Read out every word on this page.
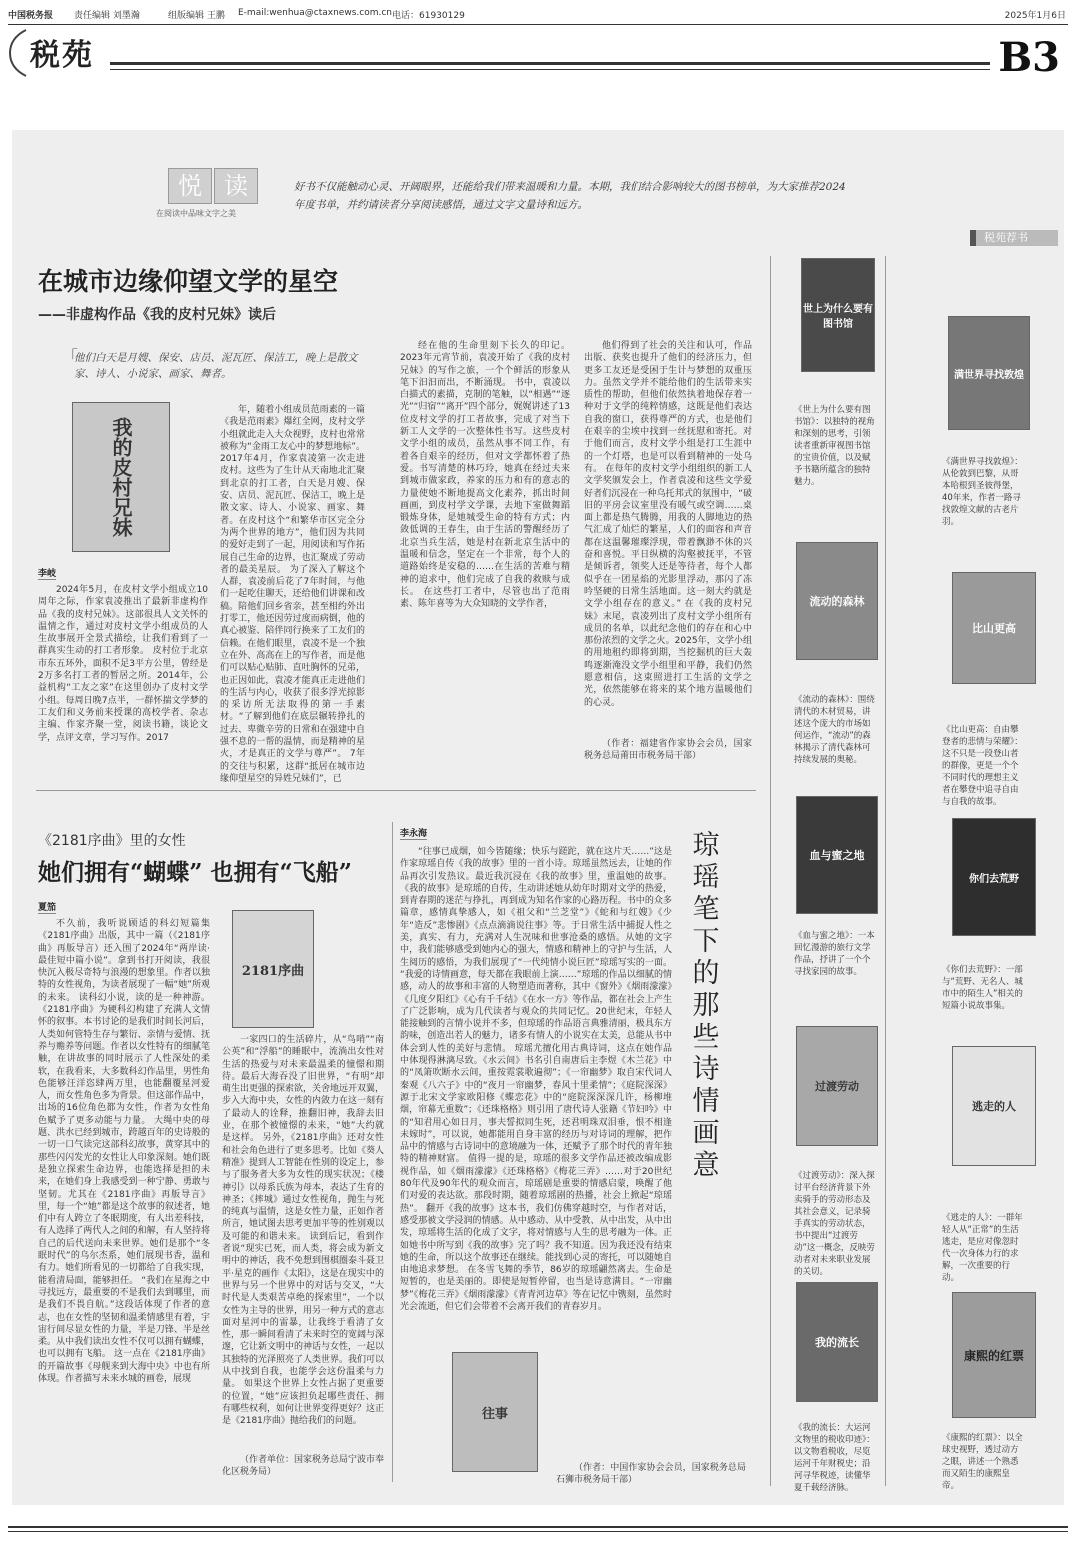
中国税务报 责任编辑 刘墨瀚	组版编辑 王鹏 E-mail:wenhua@ctaxnews.com.cn 电话：61930129	2025年1月6日
税苑	B3
悦 读
在阅读中品味文字之美
好书不仅能触动心灵、开阔眼界，还能给我们带来温暖和力量。本期，我们结合影响较大的图书榜单，为大家推荐2024年度书单，并约请读者分享阅读感悟，通过文字文量诗和远方。
税苑荐书
在城市边缘仰望文学的星空
——非虚构作品《我的皮村兄妹》读后
「
他们白天是月嫂、保安、店员、泥瓦匠、保洁工，晚上是散文家、诗人、小说家、画家、舞者。
我的皮村兄妹
李岐

2024年5月，在皮村文学小组成立10周年之际，作家袁凌推出了最新非虚构作品《我的皮村兄妹》。这部很具人文关怀的温情之作，通过对皮村文学小组成员的人生故事展开全景式描绘，让我们看到了一群真实生动的打工者形象。 皮村位于北京市东五环外，面积不足3平方公里，曾经是2万多名打工者的暂居之所。2014年，公益机构“工友之家”在这里创办了皮村文学小组。每周日晚7点半，一群怀揣文学梦的工友们和义务前来授课的高校学者、杂志主编、作家齐聚一堂，阅读书籍，谈论文学，点评文章，学习写作。2017

年，随着小组成员范雨素的一篇《我是范雨素》爆红全网，皮村文学小组就此走入大众视野，皮村也常常被称为“金雨工友心中的梦想地标”。 2017年4月，作家袁凌第一次走进皮村。这些为了生计从天南地北汇聚到北京的打工者，白天是月嫂、保安、店员、泥瓦匠、保洁工，晚上是散文家、诗人、小说家、画家、舞者。在皮村这个“和繁华市区完全分为两个世界的地方”，他们因为共同的爱好走到了一起，用阅读和写作拓展自己生命的边界，也汇聚成了劳动者的最美星辰。 为了深入了解这个人群，袁凌前后花了7年时间，与他们一起吃住聊天，还给他们讲课和改稿。陪他们回乡省亲，甚至相约外出打零工，他还因劳过度而病倒，他的真心被鉴、陪伴同行换来了工友们的信赖。在他们眼里，袁凌不是一个独立在外、高高在上的写作者，而是他们可以贴心贴肺、直吐胸怀的兄弟，也正因如此，袁凌才能真正走进他们的生活与内心，收获了很多浮光掠影的采访所无法取得的第一手素材。“了解到他们在底层辗转挣扎的过去、卑微辛劳的日常和在强建中自强不息的一帮的温情，而是精神的星火，才是真正的文学与尊严”。 7年的交往与积累，这群“抵居在城市边缘仰望星空的异姓兄妹们”，已

经在他的生命里刻下长久的印记。2023年元宵节前，袁凌开始了《我的皮村兄妹》的写作之旅，一个个鲜活的形象从笔下汩汩而出，不断涌现。 书中，袁凌以白描式的素描，克制的笔触，以“相遇”“逐光”“归宿”“离开”四个部分，娓娓讲述了13位皮村文学的打工者故事，完成了对当下新工人文学的一次整体性书写。这些皮村文学小组的成员，虽然从事不同工作，有着各自艰辛的经历，但对文学都怀着了热爱。书写清楚的林巧玲，她真在经过夫来到城市做家政，养家的压力和有的意志的力量使她不断地提高文化素养，抓出时间画画，到皮村学文学课，去地下室做舞蹈锻炼身体，是她城受生命的特有方式；内敛低调的王春生，由于生活的警醒经历了北京当兵生活，她是村在新北京生活中的温暖和信念，坚定在一个非常，每个人的道路始终是安稳的……在生活的苦难与精神的追求中，他们完成了自我的救赎与成长。 在这些打工者中，尽管也出了范雨素、陈年喜等为大众知晓的文学作者，

他们得到了社会的关注和认可，作品出版、获奖也提升了他们的经济压力，但更多工友还是受困于生计与梦想的双重压力。虽然文学并不能给他们的生活带来实质性的帮助，但他们依然执着地保存着一种对于文学的纯粹情感，这既是他们表达自我的窗口，获得尊严的方式，也是他们在艰辛的尘埃中找到一丝抚慰和寄托。对于他们而言，皮村文学小组是打工生涯中的一个灯塔，也是可以看到精神的一处乌有。 在每年的皮村文学小组组织的新工人文学奖颁发会上，作者袁凌和这些文学爱好者们沉浸在一种乌托邦式的氛围中，“破旧的平房会议室里没有暖气或空调……桌面上都是热气腾腾，用我的人脚地边的热气汇成了灿烂的繁星，人们的面容和声音都在这温馨璀璨浮现，带着飘渺不休的兴奋和喜悦。平日纵横的沟壑被抚平，不管是倾诉者，领奖人还是等待者，每个人都似乎在一团星焰的光影里浮动，那闪了冻吟坚硬的日常生活地面。这一刻大约就是文学小组存在的意义。” 在《我的皮村兄妹》末尾，袁凌列出了皮村文学小组所有成员的名单，以此纪念他们的存在和心中那份浓烈的文学之火。2025年，文学小组的用地租约即将到期，当挖掘机的巨大轰鸣逐渐淹没文学小组里和平静，我们仍然愿意相信，这束照进打工生活的文学之光，依然能够在将来的某个地方温暖他们的心灵。

（作者：福建省作家协会会员，国家税务总局莆田市税务局干部）

《2181序曲》里的女性
她们拥有“蝴蝶” 也拥有“飞船”
夏笳

不久前，我听说顾适的科幻短篇集《2181序曲》出版，其中一篇（《2181序曲》再版导言）还入围了2024年“两岸读·最佳短中篇小说”。拿到书打开阅读，我很快沉入极尽奇特与浪漫的想象里。作者以独特的女性视角，为读者展现了一幅“她”所观的未来。 读科幻小说，读的是一种神游。《2181序曲》为硬科幻构建了充满人文情怀的叙事。本书讨论的是我们时间长河后，人类如何管特生存与繁衍、亲情与爱情、抚养与赡养等问题。作者以女性特有的细腻笔触，在讲故事的同时展示了人性深处的柔软，在我看来，大多数科幻作品里，男性角色能够汪洋恣肆两万里，也能翻覆星河爱人，而女性角色多为背景。但这部作品中，出场的16位角色都为女性，作者为女性角色赋予了更多动能与力量。 大绳中央的母题、洪水已经到城市，跨越百年的史诗般的一切一口气读完这部科幻故事，黄穿其中的那些闪闪发光的女性让人印象深刻。她们既是独立探索生命边界，也能选择是担的未来，在她们身上我感受到一种宁静、勇敢与坚韧。尤其在《2181序曲》再版导言》里，每一个“她”都是这个故事的叙述者，她们中有人跨立了冬眠期度，有人出差科技，有人选择了两代人之间的和解，有人坚持将自己的后代送向未来世界。她们是那个“冬眠时代”的乌尔杰系，她们展现书香，温和有力。她们所看见的一切都给了自我实现，能看清局面，能够担任。 “我们在星海之中寻找远方，最重要的不是我们去到哪里，而是我们不畏自航。”这段话体现了作者的意志，也在女性的坚韧和温柔情感里有着，宇宙行间尽显女性的力量，半是刀锋、半是丝柔。从中我们读出女性不仅可以拥有蝴蝶，也可以拥有飞船。 这一点在《2181序曲》的开篇故事《母舰来到大海中央》中也有所体现。作者描写未来水城的画卷，展现

2181序曲

一家四口的生活碎片，从“鸟哨”“南公英”和“浮船”的睡眠中，流淌出女性对生活的热爱与对未来最温柔的憧憬和期待。最后大海吞没了旧世界，“有明”却萌生出更强的探索欲，关舍地远开双翼，步入大海中央，女性的内敛力在这一刻有了最动人的诠释，推翻旧神，我辞去旧业，在那个被憧憬的未来，“她”大约就是这样。 另外，《2181序曲》还对女性和社会角色进行了更多思考。比如《葵人精准》提到人工智能在性别的设定上，参与了服务者大多为女性的现实状况；《楼神引》以母系氏族为母本，表达了生育的神圣；《摔城》通过女性视角，抛生与死的纯真与温情，这是女性力量，正如作者所言，她试图去思考更加平等的性别观以及可能的和谐未来。 读到后记，看到作者说“现实已死，而人类，将会成为新文明中的神话，我不免想到围棋圈泰斗聂卫平·星克的画作《太阳》，这是在现实中的世界与另一个世界中的对话与交叉，“大时代是人类艰苦卓绝的探索里”，一个以女性为主导的世界，用另一种方式的意志面对星河中的雷暴，让我终于看清了女性，那一瞬间看清了未来时空的宽阔与深邃，它让新文明中的神话与女性，一起以其独特的光泽照亮了人类世界。我们可以从中找到自我，也能学会这份温柔与力量。 如果这个世界上女性占据了更重要的位置，“她”应该担负起哪些责任、拥有哪些权利，如何让世界变得更好？这正是《2181序曲》抛给我们的问题。

（作者单位：国家税务总局宁波市奉化区税务局）

李永海

“往事已成烟，如今皆随缘；快乐与蹉跎，就在这片天……”这是作家琼瑶自传《我的故事》里的一首小诗。琼瑶虽然远去，让她的作品再次引发热议。最近我沉浸在《我的故事》里，重温她的故事。 《我的故事》是琼瑶的自传，生动讲述她从幼年时期对文学的热爱，到青春期的迷茫与挣扎，再到成为知名作家的心路历程。书中的众多篇章，感情真挚感人，如《祖父和“兰芝堂”》《蛇和与红嫂》《少年“造反”悲惨剧》《点点滴滴说往事》等。于日常生活中捕捉人性之美，真实、有力，充满对人生况味和世事沧桑的感悟。从她的文字中，我们能够感受到她内心的强大，情感和精神上的守护与生活，人生阅历的感悟，为我们展现了“一代纯情小说巨匠”琼瑶写实的一面。 “我爱的诗情画意，每天都在我眼前上演……”琼瑶的作品以细腻的情感，动人的故事和丰富的人物塑造而著称，其中《窗外》《烟雨濛濛》《几度夕阳红》《心有千千结》《在水一方》等作品，都在社会上产生了广泛影响，成为几代读者与观众的共同记忆。20世纪末，年轻人能接触到的言情小说并不多，但琼瑶的作品语言典雅清丽，极具东方韵味，创造出若人的魅力，诸多有情人的小说实在太美，总能从书中体会到人性的美好与悲情。 琼瑶尤擅化用古典诗词，这点在她作品中体现得淋漓尽致。《水云间》书名引自南唐后主李煜《木兰花》中的“凤箫吹断水云间，重按霓裳歌遍彻”；《一帘幽梦》取自宋代词人秦观《八六子》中的“夜月一帘幽梦，春风十里柔情”；《庭院深深》源于北宋文学家欧阳修《蝶恋花》中的“庭院深深深几许，杨柳堆烟，帘幕无重数”；《还珠格格》则引用了唐代诗人张籍《节妇吟》中的“知君用心如日月，事夫誓拟同生死，还君明珠双泪垂，恨不相逢未嫁时”，可以说，她都能用自身丰富的经历与对诗词的理解，把作品中的情感与古诗词中的意境融为一体，还赋予了那个时代的青年独特的精神财富。 值得一提的是，琼瑶的很多文学作品还被改编成影视作品，如《烟雨濛濛》《还珠格格》《梅花三弄》……对于20世纪80年代及90年代的观众而言，琼瑶剧是重要的情感启蒙，唤醒了他们对爱的表达欲。那段时期，随着琼瑶剧的热播，社会上掀起“琼瑶热”。 翻开《我的故事》这本书，我们仿佛穿越时空，与作者对话，感受那被文学浸润的情感。从中感动、从中受教、从中出发，从中出发，琼瑶将生活的化成了文字，将对情感与人生的思考融为一体。正如她书中所写到《我的故事》完了吗？我不知道。因为我还没有结束她的生命，所以这个故事还在继续。能找到心灵的寄托，可以随她自由地追求梦想。 在冬雪飞舞的季节，86岁的琼瑶翩然离去。生命是短暂的，也是美丽的。即使是短暂停留，也当是诗意满目。“一帘幽梦”《梅花三弄》《烟雨濛濛》《青青河边草》等在记忆中镌刻，虽然时光会流逝，但它们会带着不会离开我们的青春岁月。

往事

（作者：中国作家协会会员，国家税务总局石狮市税务局干部）

琼瑶笔下的那些诗情画意
世上为什么要有图书馆
《世上为什么要有图书馆》：以独特的视角和深刻的思考，引领读者重新审视图书馆的宝贵价值，以及赋予书籍所蕴含的独特魅力。
满世界寻找敦煌
《满世界寻找敦煌》：从伦敦到巴黎，从哥本哈根到圣彼得堡，40年来，作者一路寻找敦煌文献的古老片羽。
流动的森林
《流动的森林》：围绕清代的木材贸易，讲述这个庞大的市场如何运作，“流动”的森林揭示了清代森林可持续发展的奥秘。
比山更高
《比山更高：自由攀登者的悲情与荣耀》：这不只是一段登山者的群像，更是一个个不同时代的理想主义者在攀登中追寻自由与自我的故事。
血与蜜之地
《血与蜜之地》：一本回忆漫游的旅行文学作品，抒讲了一个个寻找家园的故事。
你们去荒野
《你们去荒野》：一部与“荒野、无名人、城市中的陌生人”相关的短篇小说故事集。
过渡劳动
《过渡劳动》：深入探讨平台经济背景下外卖骑手的劳动形态及其社会意义，记录骑手真实的劳动状态，书中提出“过渡劳动”这一概念，反映劳动者对未来职业发展的关切。
逃走的人
《逃走的人》：一群年轻人从“正常”的生活逃走，是应对像忽时代一次身体力行的求解，一次重要的行动。
我的流长
《我的流长：大运河文物里的税收印迹》：以文物看税收，尽览运河千年财税史；沿河寻华税迹，读懂华夏千载经济脉。
康熙的红票
《康熙的红票》：以全球史视野，透过动方之眼，讲述一个熟悉而又陌生的康熙皇帝。
